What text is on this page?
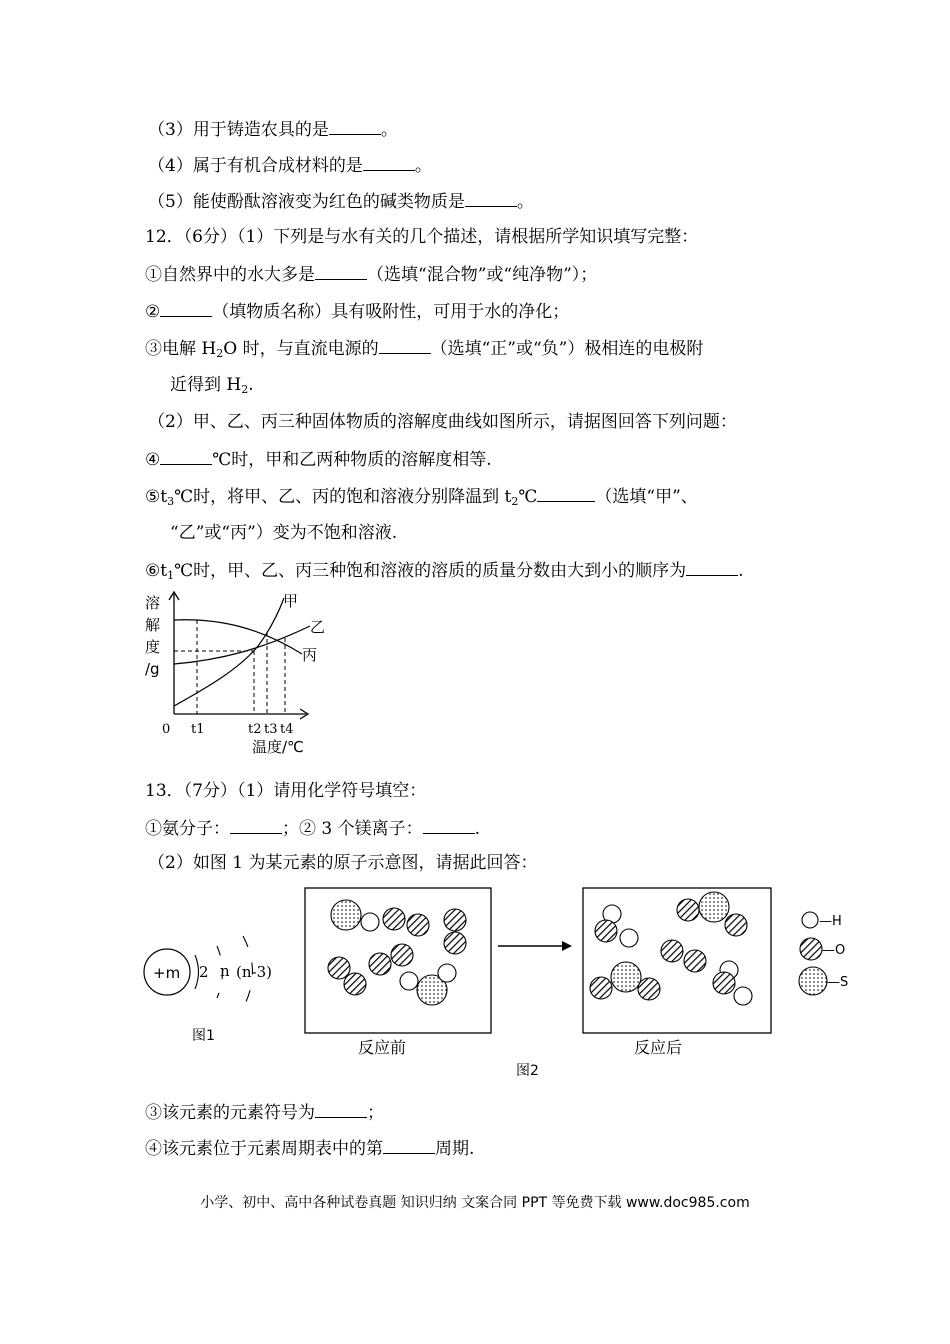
（3）用于铸造农具的是	。
（4）属于有机合成材料的是	。
（5）能使酚酞溶液变为红色的碱类物质是	。
12．（6分）（1）下列是与水有关的几个描述，请根据所学知识填写完整：
①自然界中的水大多是	（选填“混合物”或“纯净物”）；
②	（填物质名称）具有吸附性，可用于水的净化；
③电解 $H_2O$ 时，与直流电源的	（选填“正”或“负”）极相连的电极附
近得到 $H_2$.
（2）甲、乙、丙三种固体物质的溶解度曲线如图所示，请据图回答下列问题：
④	℃时，甲和乙两种物质的溶解度相等.
$⑤t_3℃$时，将甲、乙、丙的饱和溶液分别降温到 $t_2℃$	（选填“甲”、
“乙”或“丙”）变为不饱和溶液.
$⑥t_1℃$时，甲、乙、丙三种饱和溶液的溶质的质量分数由大到小的顺序为	.
溶
解
度
/g
甲
乙
丙
0 t1	t2 t3 t4
温度/℃
13．（7分）（1）请用化学符号填空：
①氨分子：	；② 3 个镁离子：	.
（2）如图 1 为某元素的原子示意图，请据此回答：
+m 2 n (n-3)
图1
—H
—O
—S
反应前	反应后
图2
③该元素的元素符号为	；
④该元素位于元素周期表中的第	周期.
小学、初中、高中各种试卷真题 知识归纳 文案合同 PPT 等免费下载 www.doc985.com
